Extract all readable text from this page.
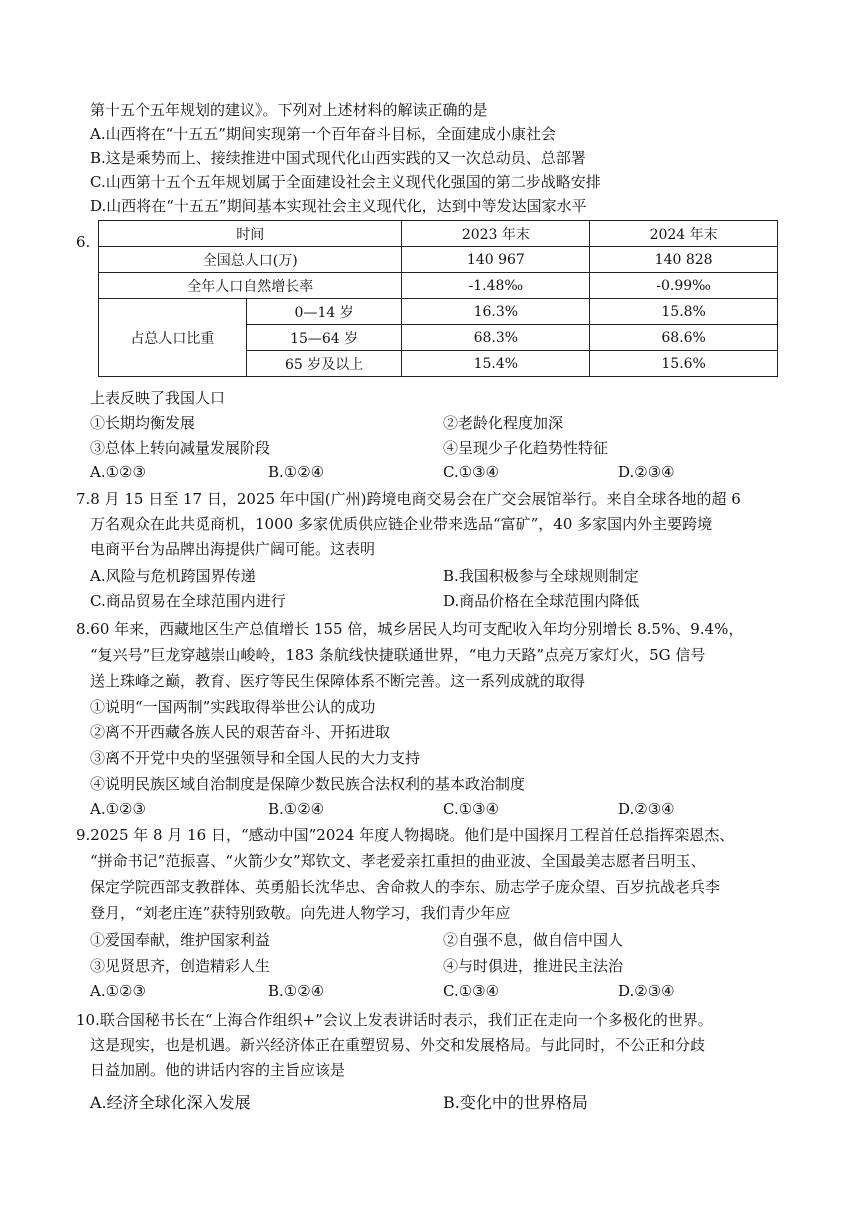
第十五个五年规划的建议》。下列对上述材料的解读正确的是
A.山西将在“十五五”期间实现第一个百年奋斗目标，全面建成小康社会
B.这是乘势而上、接续推进中国式现代化山西实践的又一次总动员、总部署
C.山西第十五个五年规划属于全面建设社会主义现代化强国的第二步战略安排
D.山西将在“十五五”期间基本实现社会主义现代化，达到中等发达国家水平
6.	时间		2023 年末	2024 年末
全国总人口(万)		140 967	140 828
全年人口自然增长率		-1.48‰	-0.99‰
占总人口比重	0—14 岁	16.3%	15.8%
	15—64 岁	68.3%	68.6%
	65 岁及以上	15.4%	15.6%
上表反映了我国人口
①长期均衡发展	②老龄化程度加深
③总体上转向减量发展阶段	④呈现少子化趋势性特征
A.①②③	B.①②④	C.①③④	D.②③④
7.8 月 15 日至 17 日，2025 年中国(广州)跨境电商交易会在广交会展馆举行。来自全球各地的超 6
万名观众在此共觅商机，1000 多家优质供应链企业带来选品“富矿”，40 多家国内外主要跨境
电商平台为品牌出海提供广阔可能。这表明
A.风险与危机跨国界传递	B.我国积极参与全球规则制定
C.商品贸易在全球范围内进行	D.商品价格在全球范围内降低
8.60 年来，西藏地区生产总值增长 155 倍，城乡居民人均可支配收入年均分别增长 8.5%、9.4%，
“复兴号”巨龙穿越崇山峻岭，183 条航线快捷联通世界，“电力天路”点亮万家灯火，5G 信号
送上珠峰之巅，教育、医疗等民生保障体系不断完善。这一系列成就的取得
①说明“一国两制”实践取得举世公认的成功
②离不开西藏各族人民的艰苦奋斗、开拓进取
③离不开党中央的坚强领导和全国人民的大力支持
④说明民族区域自治制度是保障少数民族合法权利的基本政治制度
A.①②③	B.①②④	C.①③④	D.②③④
9.2025 年 8 月 16 日，“感动中国”2024 年度人物揭晓。他们是中国探月工程首任总指挥栾恩杰、
“拼命书记”范振喜、“火箭少女”郑钦文、孝老爱亲扛重担的曲亚波、全国最美志愿者吕明玉、
保定学院西部支教群体、英勇船长沈华忠、舍命救人的李东、励志学子庞众望、百岁抗战老兵李
登月，“刘老庄连”获特别致敬。向先进人物学习，我们青少年应
①爱国奉献，维护国家利益	②自强不息，做自信中国人
③见贤思齐，创造精彩人生	④与时俱进，推进民主法治
A.①②③	B.①②④	C.①③④	D.②③④
10.联合国秘书长在“上海合作组织+”会议上发表讲话时表示，我们正在走向一个多极化的世界。
这是现实，也是机遇。新兴经济体正在重塑贸易、外交和发展格局。与此同时，不公正和分歧
日益加剧。他的讲话内容的主旨应该是
A.经济全球化深入发展	B.变化中的世界格局
